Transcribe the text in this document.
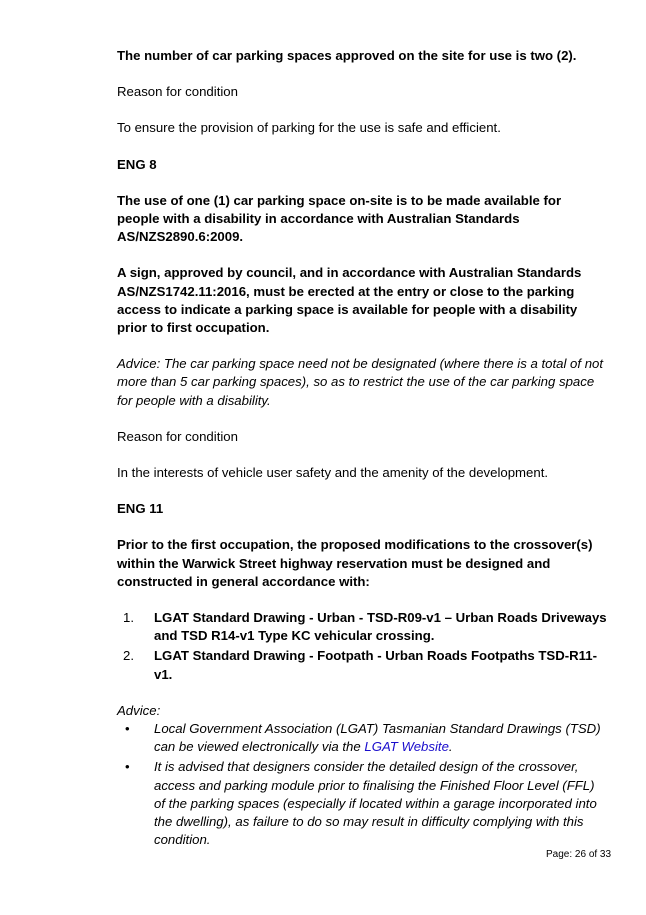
The number of car parking spaces approved on the site for use is two (2).

Reason for condition

To ensure the provision of parking for the use is safe and efficient.

ENG 8

The use of one (1) car parking space on-site is to be made available for people with a disability in accordance with Australian Standards AS/NZS2890.6:2009.

A sign, approved by council, and in accordance with Australian Standards AS/NZS1742.11:2016, must be erected at the entry or close to the parking access to indicate a parking space is available for people with a disability prior to first occupation.

Advice: The car parking space need not be designated (where there is a total of not more than 5 car parking spaces), so as to restrict the use of the car parking space for people with a disability.

Reason for condition

In the interests of vehicle user safety and the amenity of the development.

ENG 11

Prior to the first occupation, the proposed modifications to the crossover(s) within the Warwick Street highway reservation must be designed and constructed in general accordance with:

1. LGAT Standard Drawing - Urban - TSD-R09-v1 – Urban Roads Driveways and TSD R14-v1 Type KC vehicular crossing.
2. LGAT Standard Drawing - Footpath - Urban Roads Footpaths TSD-R11-v1.

Advice:

• Local Government Association (LGAT) Tasmanian Standard Drawings (TSD) can be viewed electronically via the LGAT Website.
• It is advised that designers consider the detailed design of the crossover, access and parking module prior to finalising the Finished Floor Level (FFL) of the parking spaces (especially if located within a garage incorporated into the dwelling), as failure to do so may result in difficulty complying with this condition.
Page: 26 of 33
